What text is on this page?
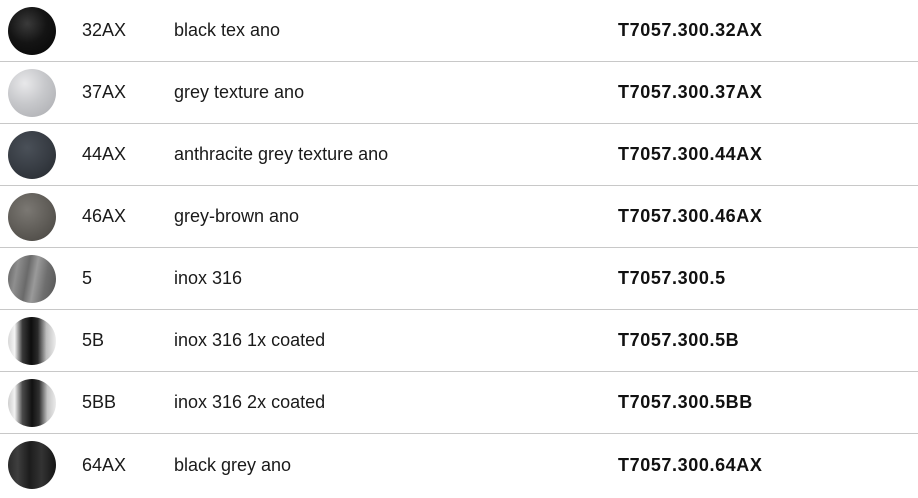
32AX	black tex ano	T7057.300.32AX
37AX	grey texture ano	T7057.300.37AX
44AX	anthracite grey texture ano	T7057.300.44AX
46AX	grey-brown ano	T7057.300.46AX
5	inox 316	T7057.300.5
5B	inox 316 1x coated	T7057.300.5B
5BB	inox 316 2x coated	T7057.300.5BB
64AX	black grey ano	T7057.300.64AX
